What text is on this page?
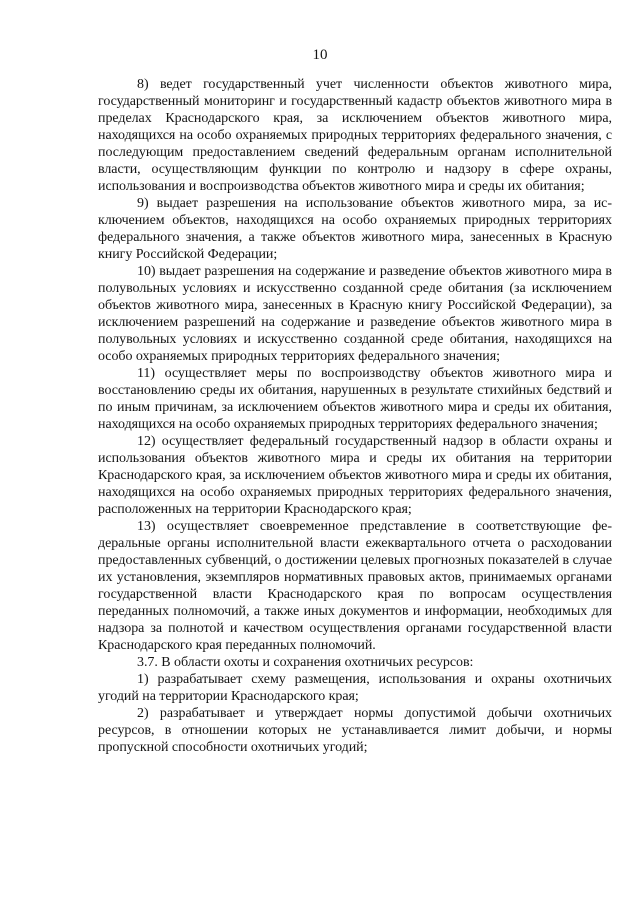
10

8) ведет государственный учет численности объектов животного мира, государственный мониторинг и государственный кадастр объектов животного мира в пределах Краснодарского края, за исключением объектов животного мира, находящихся на особо охраняемых природных территориях федерального значения, с последующим предоставлением сведений федеральным органам исполнительной власти, осуществляющим функции по контролю и надзору в сфере охраны, использования и воспроизводства объектов животного мира и среды их обитания;

9) выдает разрешения на использование объектов животного мира, за исключением объектов, находящихся на особо охраняемых природных территориях федерального значения, а также объектов животного мира, занесенных в Красную книгу Российской Федерации;

10) выдает разрешения на содержание и разведение объектов животного мира в полувольных условиях и искусственно созданной среде обитания (за исключением объектов животного мира, занесенных в Красную книгу Российской Федерации), за исключением разрешений на содержание и разведение объектов животного мира в полувольных условиях и искусственно созданной среде обитания, находящихся на особо охраняемых природных территориях федерального значения;

11) осуществляет меры по воспроизводству объектов животного мира и восстановлению среды их обитания, нарушенных в результате стихийных бедствий и по иным причинам, за исключением объектов животного мира и среды их обитания, находящихся на особо охраняемых природных территориях федерального значения;

12) осуществляет федеральный государственный надзор в области охраны и использования объектов животного мира и среды их обитания на территории Краснодарского края, за исключением объектов животного мира и среды их обитания, находящихся на особо охраняемых природных территориях федерального значения, расположенных на территории Краснодарского края;

13) осуществляет своевременное представление в соответствующие федеральные органы исполнительной власти ежеквартального отчета о расходовании предоставленных субвенций, о достижении целевых прогнозных показателей в случае их установления, экземпляров нормативных правовых актов, принимаемых органами государственной власти Краснодарского края по вопросам осуществления переданных полномочий, а также иных документов и информации, необходимых для надзора за полнотой и качеством осуществления органами государственной власти Краснодарского края переданных полномочий.

3.7. В области охоты и сохранения охотничьих ресурсов:

1) разрабатывает схему размещения, использования и охраны охотничьих угодий на территории Краснодарского края;

2) разрабатывает и утверждает нормы допустимой добычи охотничьих ресурсов, в отношении которых не устанавливается лимит добычи, и нормы пропускной способности охотничьих угодий;
